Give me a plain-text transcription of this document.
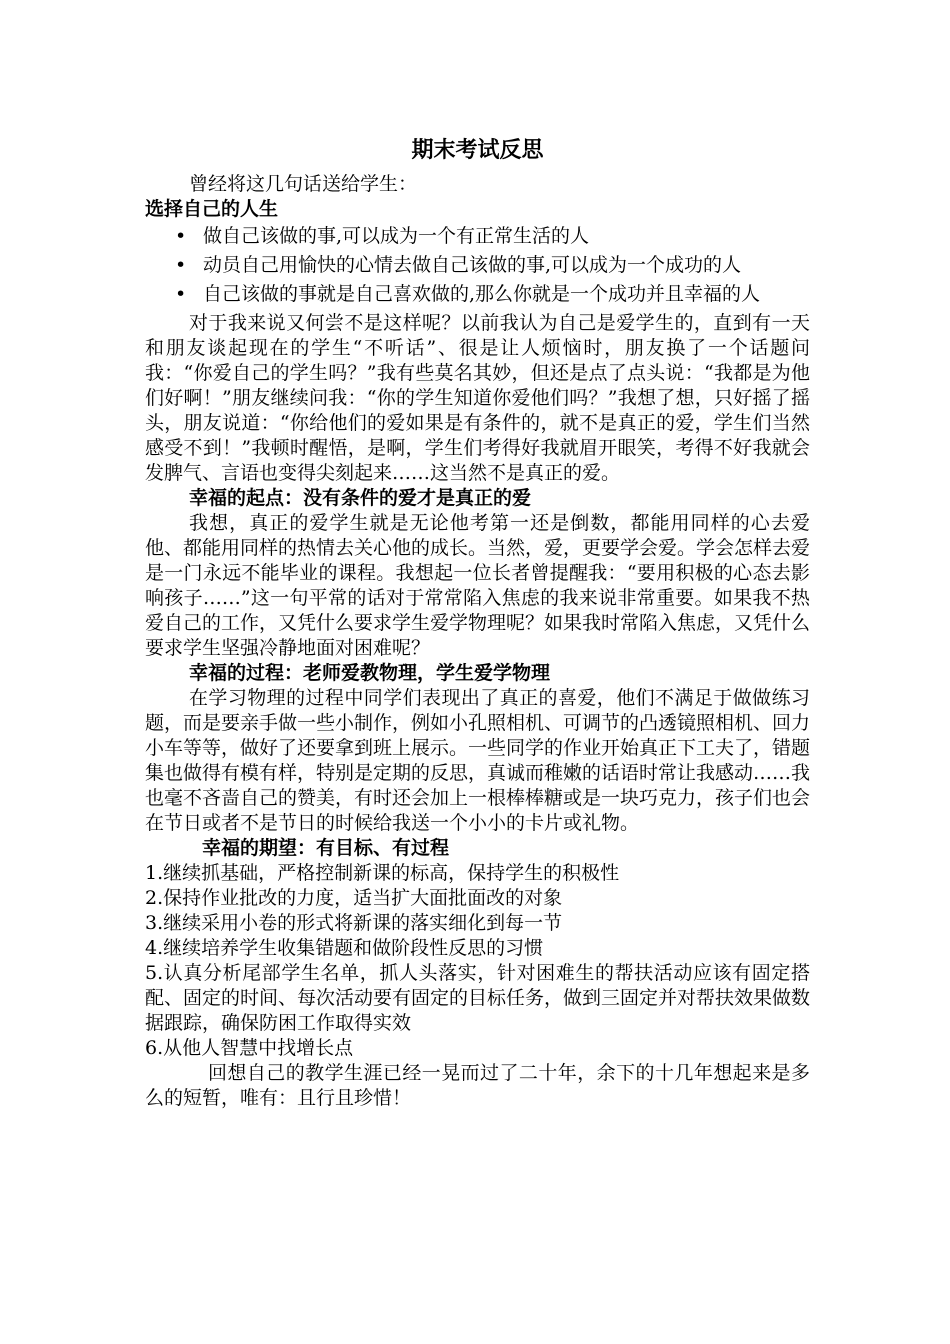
期末考试反思

曾经将这几句话送给学生：

选择自己的人生

• 做自己该做的事,可以成为一个有正常生活的人
• 动员自己用愉快的心情去做自己该做的事,可以成为一个成功的人
• 自己该做的事就是自己喜欢做的,那么你就是一个成功并且幸福的人

对于我来说又何尝不是这样呢？以前我认为自己是爱学生的，直到有一天和朋友谈起现在的学生“不听话”、很是让人烦恼时，朋友换了一个话题问我：“你爱自己的学生吗？”我有些莫名其妙，但还是点了点头说：“我都是为他们好啊！”朋友继续问我：“你的学生知道你爱他们吗？”我想了想，只好摇了摇头，朋友说道：“你给他们的爱如果是有条件的，就不是真正的爱，学生们当然感受不到！”我顿时醒悟，是啊，学生们考得好我就眉开眼笑，考得不好我就会发脾气、言语也变得尖刻起来……这当然不是真正的爱。

幸福的起点：没有条件的爱才是真正的爱

我想，真正的爱学生就是无论他考第一还是倒数，都能用同样的心去爱他、都能用同样的热情去关心他的成长。当然，爱，更要学会爱。学会怎样去爱是一门永远不能毕业的课程。我想起一位长者曾提醒我：“要用积极的心态去影响孩子……”这一句平常的话对于常常陷入焦虑的我来说非常重要。如果我不热爱自己的工作，又凭什么要求学生爱学物理呢？如果我时常陷入焦虑，又凭什么要求学生坚强冷静地面对困难呢？

幸福的过程：老师爱教物理，学生爱学物理

在学习物理的过程中同学们表现出了真正的喜爱，他们不满足于做做练习题，而是要亲手做一些小制作，例如小孔照相机、可调节的凸透镜照相机、回力小车等等，做好了还要拿到班上展示。一些同学的作业开始真正下工夫了，错题集也做得有模有样，特别是定期的反思，真诚而稚嫩的话语时常让我感动……我也毫不吝啬自己的赞美，有时还会加上一根棒棒糖或是一块巧克力，孩子们也会在节日或者不是节日的时候给我送一个小小的卡片或礼物。

幸福的期望：有目标、有过程

1.继续抓基础，严格控制新课的标高，保持学生的积极性

2.保持作业批改的力度，适当扩大面批面改的对象

3.继续采用小卷的形式将新课的落实细化到每一节

4.继续培养学生收集错题和做阶段性反思的习惯

5.认真分析尾部学生名单，抓人头落实，针对困难生的帮扶活动应该有固定搭配、固定的时间、每次活动要有固定的目标任务，做到三固定并对帮扶效果做数据跟踪，确保防困工作取得实效

6.从他人智慧中找增长点

回想自己的教学生涯已经一晃而过了二十年，余下的十几年想起来是多么的短暂，唯有：且行且珍惜！
